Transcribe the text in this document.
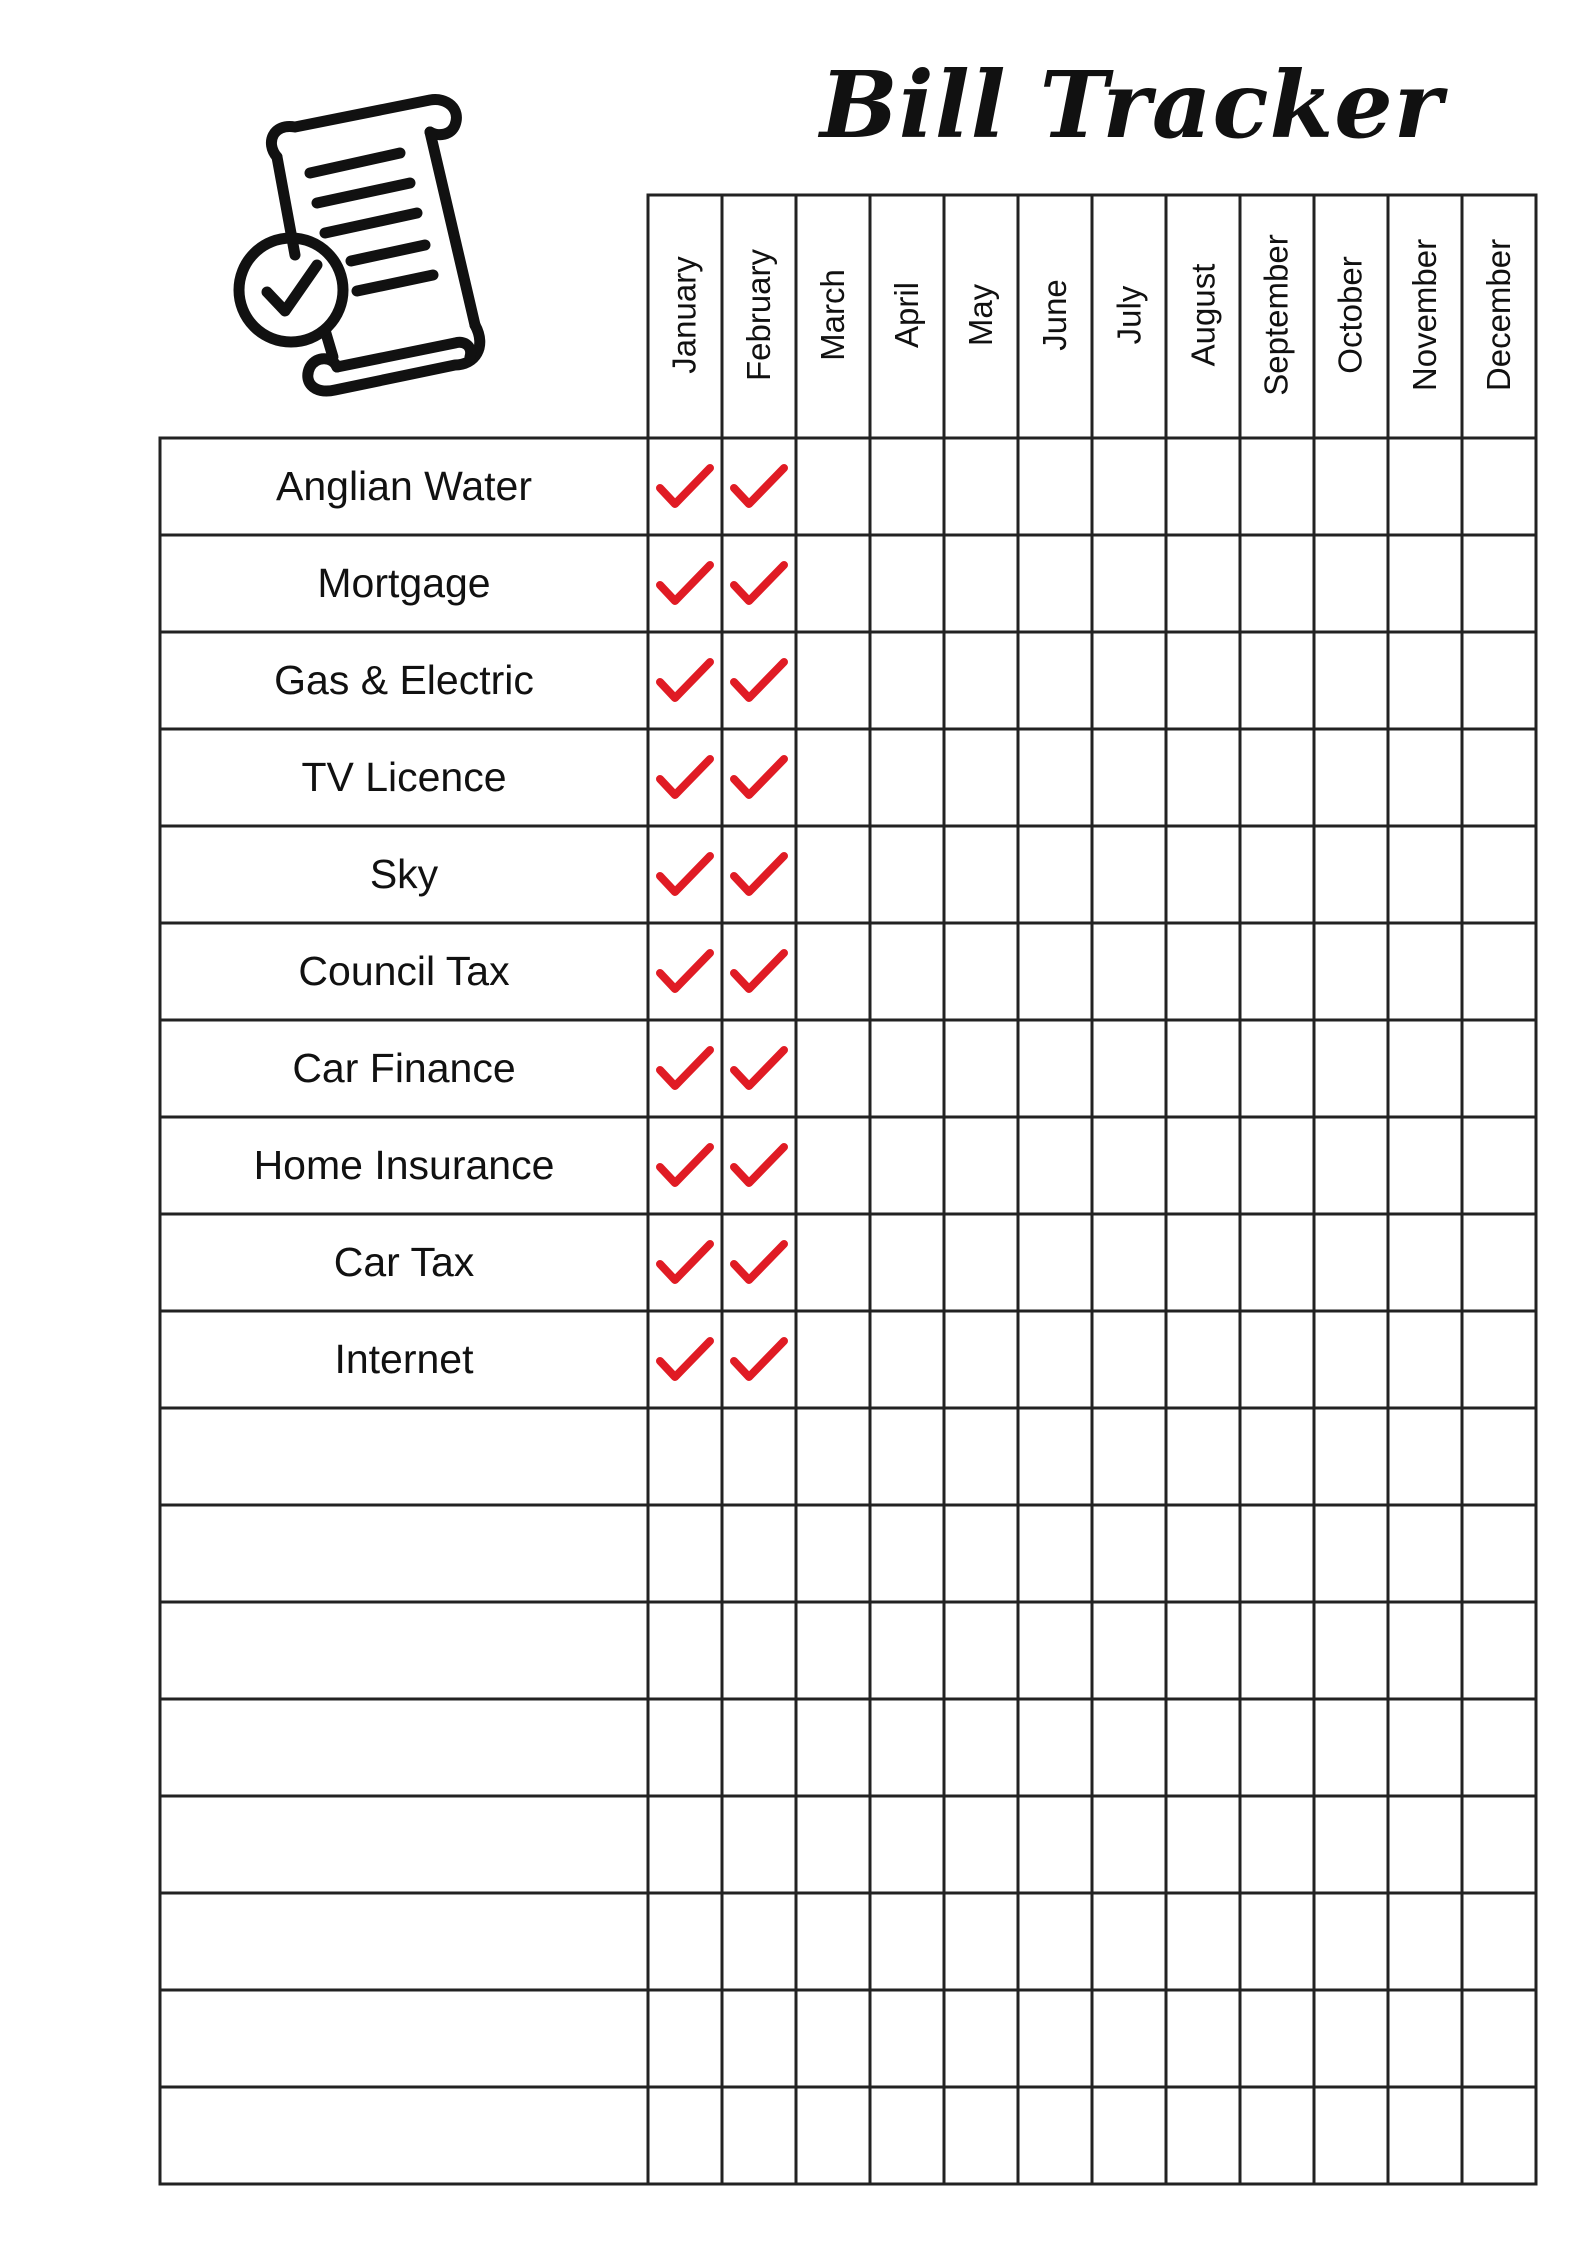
Bill Tracker
January February March April May June July August September October November December
Anglian Water
Mortgage
Gas & Electric
TV Licence
Sky
Council Tax
Car Finance
Home Insurance
Car Tax
Internet
